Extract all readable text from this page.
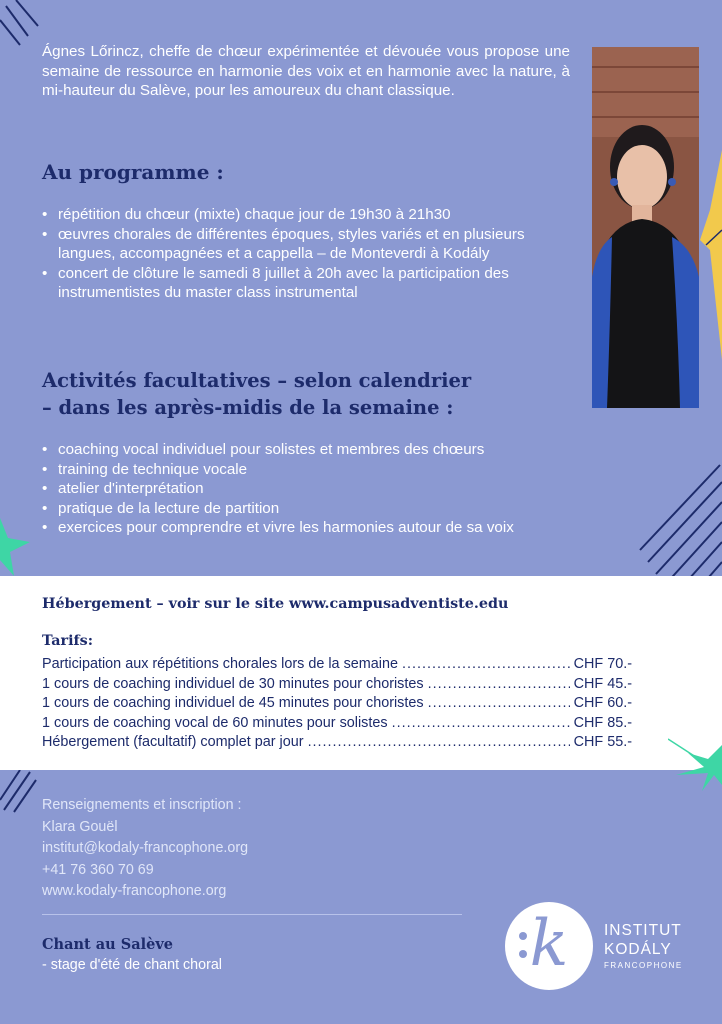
Ágnes Lőrincz, cheffe de chœur expérimentée et dévouée vous propose une semaine de ressource en harmonie des voix et en harmonie avec la nature, à mi-hauteur du Salève, pour les amoureux du chant classique.

Au programme :
• répétition du chœur (mixte) chaque jour de 19h30 à 21h30
• œuvres chorales de différentes époques, styles variés et en plusieurs langues, accompagnées et a cappella – de Monteverdi à Kodály
• concert de clôture le samedi 8 juillet à 20h avec la participation des instrumentistes du master class instrumental
Activités facultatives – selon calendrier
– dans les après-midis de la semaine :
• coaching vocal individuel pour solistes et membres des chœurs
• training de technique vocale
• atelier d'interprétation
• pratique de la lecture de partition
• exercices pour comprendre et vivre les harmonies autour de sa voix
Hébergement – voir sur le site www.campusadventiste.edu
Tarifs:
Participation aux répétitions chorales lors de la semaine .....	CHF 70.-
1 cours de coaching individuel de 30 minutes pour choristes .....	CHF 45.-
1 cours de coaching individuel de 45 minutes pour choristes .....	CHF 60.-
1 cours de coaching vocal de 60 minutes pour solistes .....	CHF 85.-
Hébergement (facultatif) complet par jour .....	CHF 55.-
Renseignements et inscription :
Klara Gouël
institut@kodaly-francophone.org
+41 76 360 70 69
www.kodaly-francophone.org
Chant au Salève
- stage d'été de chant choral	k	INSTITUT
KODÁLY
FRANCOPHONE
